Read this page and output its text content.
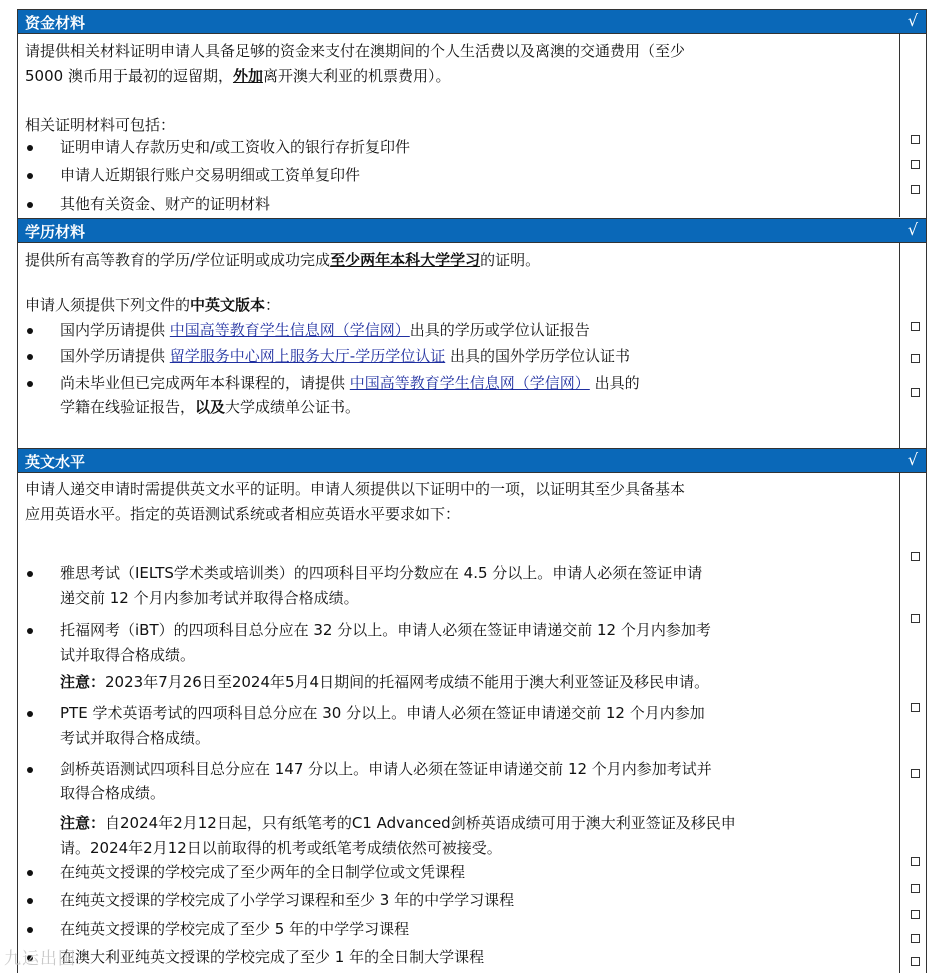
资金材料	√
请提供相关材料证明申请人具备足够的资金来支付在澳期间的个人生活费以及离澳的交通费用（至少
5000 澳币用于最初的逗留期，外加离开澳大利亚的机票费用）。
相关证明材料可包括：
证明申请人存款历史和/或工资收入的银行存折复印件
申请人近期银行账户交易明细或工资单复印件
其他有关资金、财产的证明材料
学历材料	√
提供所有高等教育的学历/学位证明或成功完成至少两年本科大学学习的证明。
申请人须提供下列文件的中英文版本：
国内学历请提供 中国高等教育学生信息网（学信网）出具的学历或学位认证报告
国外学历请提供 留学服务中心网上服务大厅-学历学位认证 出具的国外学历学位认证书
尚未毕业但已完成两年本科课程的，请提供 中国高等教育学生信息网（学信网） 出具的
学籍在线验证报告，以及大学成绩单公证书。
英文水平	√
申请人递交申请时需提供英文水平的证明。申请人须提供以下证明中的一项，以证明其至少具备基本
应用英语水平。指定的英语测试系统或者相应英语水平要求如下：
雅思考试（IELTS学术类或培训类）的四项科目平均分数应在 4.5 分以上。申请人必须在签证申请
递交前 12 个月内参加考试并取得合格成绩。
托福网考（iBT）的四项科目总分应在 32 分以上。申请人必须在签证申请递交前 12 个月内参加考
试并取得合格成绩。
注意：2023年7月26日至2024年5月4日期间的托福网考成绩不能用于澳大利亚签证及移民申请。
PTE 学术英语考试的四项科目总分应在 30 分以上。申请人必须在签证申请递交前 12 个月内参加
考试并取得合格成绩。
剑桥英语测试四项科目总分应在 147 分以上。申请人必须在签证申请递交前 12 个月内参加考试并
取得合格成绩。
注意：自2024年2月12日起，只有纸笔考的C1 Advanced剑桥英语成绩可用于澳大利亚签证及移民申
请。2024年2月12日以前取得的机考或纸笔考成绩依然可被接受。
在纯英文授课的学校完成了至少两年的全日制学位或文凭课程
在纯英文授课的学校完成了小学学习课程和至少 3 年的中学学习课程
在纯英文授课的学校完成了至少 5 年的中学学习课程
在澳大利亚纯英文授课的学校完成了至少 1 年的全日制大学课程
九运出国
